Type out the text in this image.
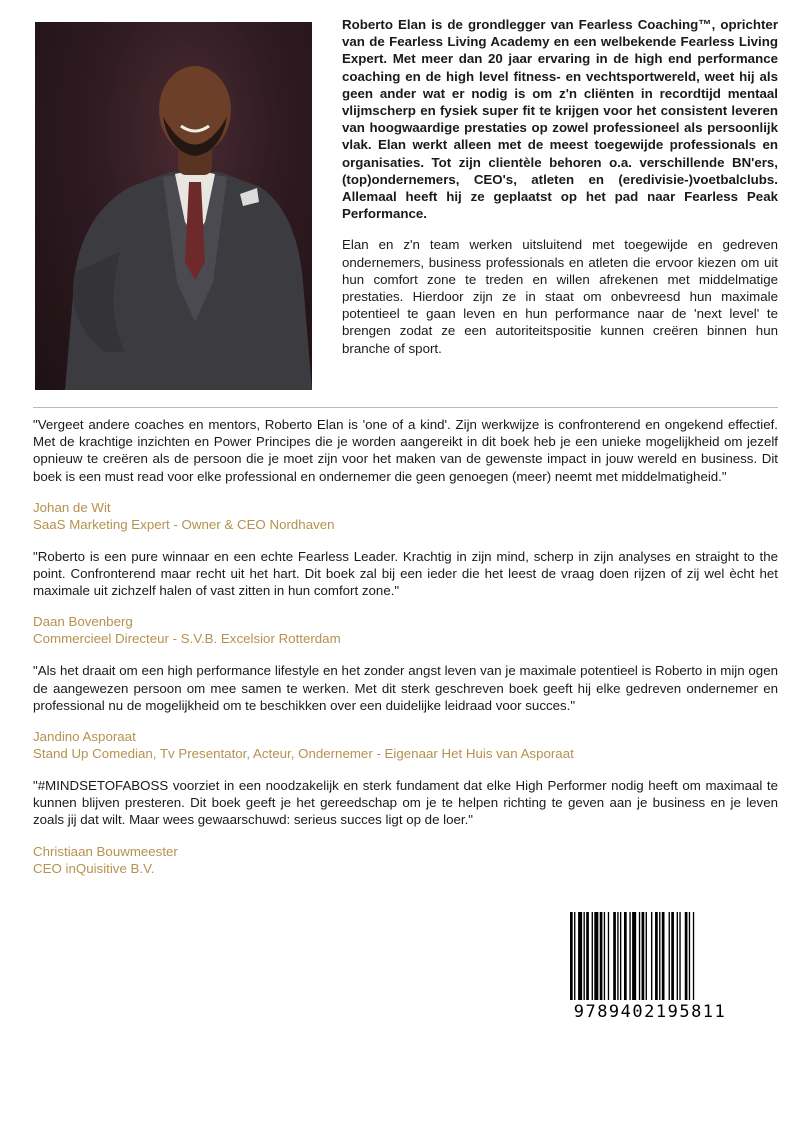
Roberto Elan is de grondlegger van Fearless Coaching™, oprichter van de Fearless Living Academy en een welbekende Fearless Living Expert. Met meer dan 20 jaar ervaring in de high end performance coaching en de high level fitness- en vechtsportwereld, weet hij als geen ander wat er nodig is om z'n cliënten in recordtijd mentaal vlijmscherp en fysiek super fit te krijgen voor het consistent leveren van hoogwaardige prestaties op zowel professioneel als persoonlijk vlak. Elan werkt alleen met de meest toegewijde professionals en organisaties. Tot zijn clientèle behoren o.a. verschillende BN'ers, (top)ondernemers, CEO's, atleten en (eredivisie-)voetbalclubs. Allemaal heeft hij ze geplaatst op het pad naar Fearless Peak Performance.

Elan en z'n team werken uitsluitend met toegewijde en gedreven ondernemers, business professionals en atleten die ervoor kiezen om uit hun comfort zone te treden en willen afrekenen met middelmatige prestaties. Hierdoor zijn ze in staat om onbevreesd hun maximale potentieel te gaan leven en hun performance naar de 'next level' te brengen zodat ze een autoriteitspositie kunnen creëren binnen hun branche of sport.

"Vergeet andere coaches en mentors, Roberto Elan is 'one of a kind'. Zijn werkwijze is confronterend en ongekend effectief. Met de krachtige inzichten en Power Principes die je worden aangereikt in dit boek heb je een unieke mogelijkheid om jezelf opnieuw te creëren als de persoon die je moet zijn voor het maken van de gewenste impact in jouw wereld en business. Dit boek is een must read voor elke professional en ondernemer die geen genoegen (meer) neemt met middelmatigheid."

Johan de Wit
SaaS Marketing Expert - Owner & CEO Nordhaven

"Roberto is een pure winnaar en een echte Fearless Leader. Krachtig in zijn mind, scherp in zijn analyses en straight to the point. Confronterend maar recht uit het hart. Dit boek zal bij een ieder die het leest de vraag doen rijzen of zij wel ècht het maximale uit zichzelf halen of vast zitten in hun comfort zone."

Daan Bovenberg
Commercieel Directeur - S.V.B. Excelsior Rotterdam

"Als het draait om een high performance lifestyle en het zonder angst leven van je maximale potentieel is Roberto in mijn ogen de aangewezen persoon om mee samen te werken. Met dit sterk geschreven boek geeft hij elke gedreven ondernemer en professional nu de mogelijkheid om te beschikken over een duidelijke leidraad voor succes."

Jandino Asporaat
Stand Up Comedian, Tv Presentator, Acteur, Ondernemer - Eigenaar Het Huis van Asporaat

"#MINDSETOFABOSS voorziet in een noodzakelijk en sterk fundament dat elke High Performer nodig heeft om maximaal te kunnen blijven presteren. Dit boek geeft je het gereedschap om je te helpen richting te geven aan je business en je leven zoals jij dat wilt. Maar wees gewaarschuwd: serieus succes ligt op de loer."

Christiaan Bouwmeester
CEO inQuisitive B.V.
9789402195811
